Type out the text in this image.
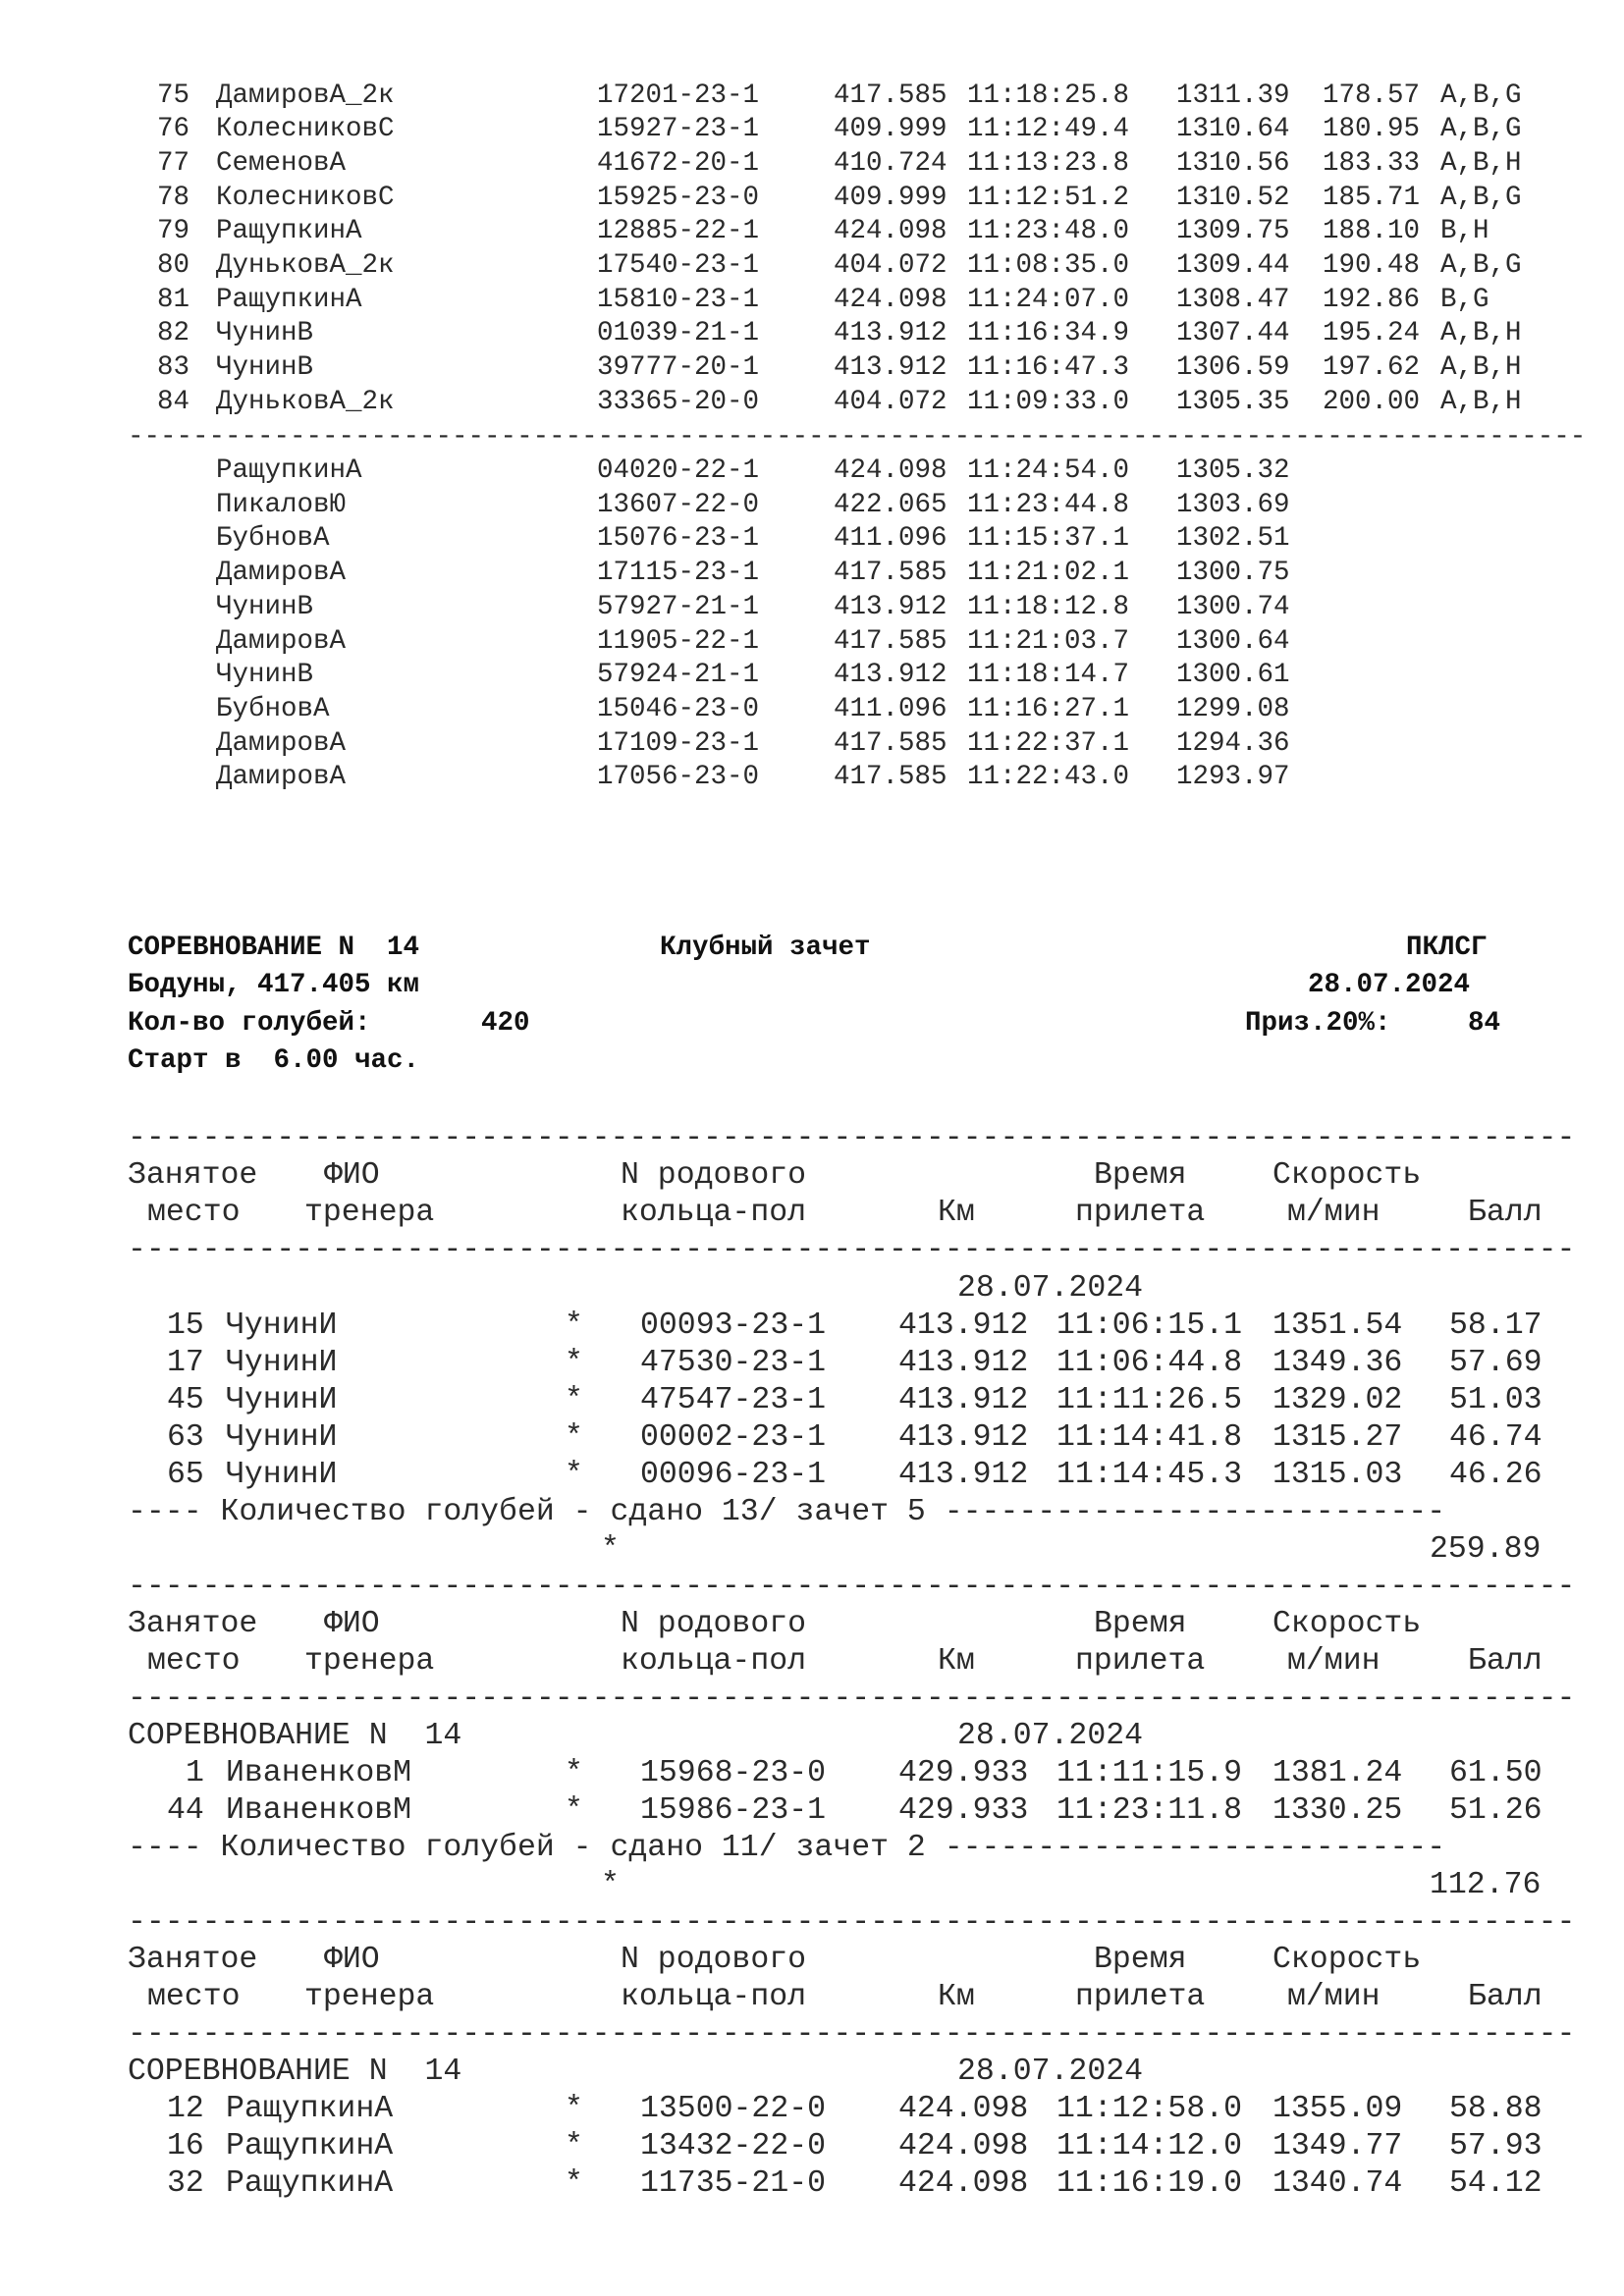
75 ДамировА_2к	17201-23-1	417.585 11:18:25.8 1311.39 178.57 A,B,G
76 КолесниковС	15927-23-1	409.999 11:12:49.4 1310.64 180.95 A,B,G
77 СеменовА	41672-20-1	410.724 11:13:23.8 1310.56 183.33 A,B,H
78 КолесниковС	15925-23-0	409.999 11:12:51.2 1310.52 185.71 A,B,G
79 РащупкинА	12885-22-1	424.098 11:23:48.0 1309.75 188.10 B,H
80 ДуньковА_2к	17540-23-1	404.072 11:08:35.0 1309.44 190.48 A,B,G
81 РащупкинА	15810-23-1	424.098 11:24:07.0 1308.47 192.86 B,G
82 ЧунинВ	01039-21-1	413.912 11:16:34.9 1307.44 195.24 A,B,H
83 ЧунинВ	39777-20-1	413.912 11:16:47.3 1306.59 197.62 A,B,H
84 ДуньковА_2к	33365-20-0	404.072 11:09:33.0 1305.35 200.00 A,B,H
------------------------------------------------------------------------------------------
РащупкинА	04020-22-1	424.098 11:24:54.0 1305.32
ПикаловЮ	13607-22-0	422.065 11:23:44.8 1303.69
БубновА	15076-23-1	411.096 11:15:37.1 1302.51
ДамировА	17115-23-1	417.585 11:21:02.1 1300.75
ЧунинВ	57927-21-1	413.912 11:18:12.8 1300.74
ДамировА	11905-22-1	417.585 11:21:03.7 1300.64
ЧунинВ	57924-21-1	413.912 11:18:14.7 1300.61
БубновА	15046-23-0	411.096 11:16:27.1 1299.08
ДамировА	17109-23-1	417.585 11:22:37.1 1294.36
ДамировА	17056-23-0	417.585 11:22:43.0 1293.97
СОРЕВНОВАНИЕ N  14	Клубный зачет	ПКЛСГ
Бодуны, 417.405 км	28.07.2024
Кол-во голубей:	420	Приз.20%:	84
Старт в  6.00 час.
------------------------------------------------------------------------------
Занятое ФИО	N родового	Время	Скорость
место тренера	кольца-пол	Км	прилета	м/мин	Балл
------------------------------------------------------------------------------
28.07.2024
15 ЧунинИ	* 00093-23-1 413.912 11:06:15.1 1351.54 58.17
17 ЧунинИ	* 47530-23-1 413.912 11:06:44.8 1349.36 57.69
45 ЧунинИ	* 47547-23-1 413.912 11:11:26.5 1329.02 51.03
63 ЧунинИ	* 00002-23-1 413.912 11:14:41.8 1315.27 46.74
65 ЧунинИ	* 00096-23-1 413.912 11:14:45.3 1315.03 46.26
---- Количество голубей - сдано 13/ зачет 5 ---------------------------
*	259.89
------------------------------------------------------------------------------
Занятое ФИО	N родового	Время	Скорость
место тренера	кольца-пол	Км	прилета	м/мин	Балл
------------------------------------------------------------------------------
СОРЕВНОВАНИЕ N  14	28.07.2024
1 ИваненковМ	* 15968-23-0 429.933 11:11:15.9 1381.24 61.50
44 ИваненковМ	* 15986-23-1 429.933 11:23:11.8 1330.25 51.26
---- Количество голубей - сдано 11/ зачет 2 ---------------------------
*	112.76
------------------------------------------------------------------------------
Занятое ФИО	N родового	Время	Скорость
место тренера	кольца-пол	Км	прилета	м/мин	Балл
------------------------------------------------------------------------------
СОРЕВНОВАНИЕ N  14	28.07.2024
12 РащупкинА	* 13500-22-0 424.098 11:12:58.0 1355.09 58.88
16 РащупкинА	* 13432-22-0 424.098 11:14:12.0 1349.77 57.93
32 РащупкинА	* 11735-21-0 424.098 11:16:19.0 1340.74 54.12
